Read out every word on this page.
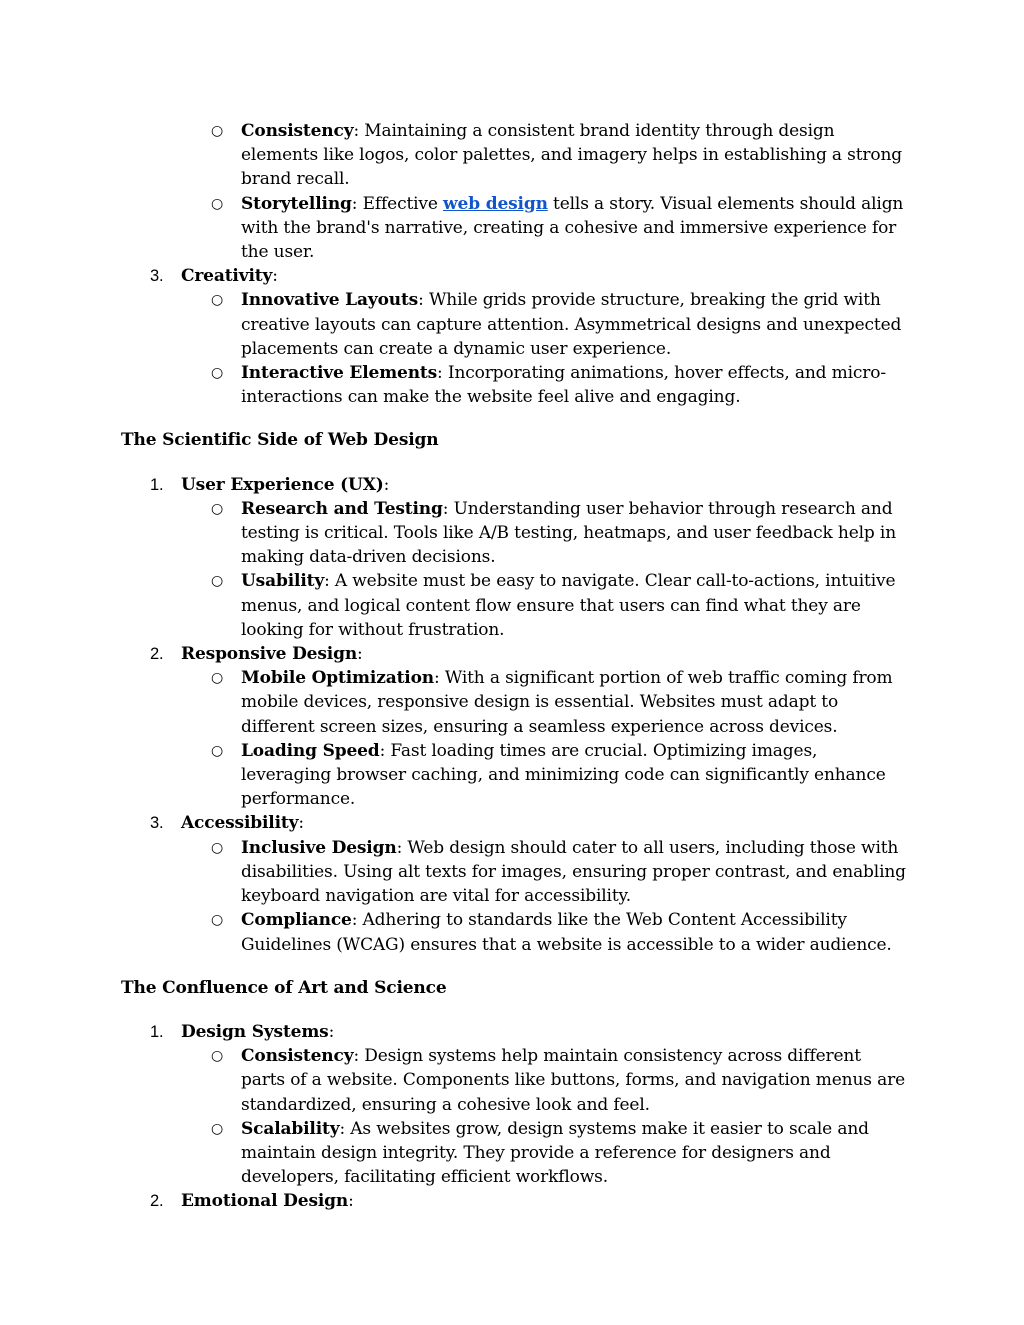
○ Consistency: Maintaining a consistent brand identity through design elements like logos, color palettes, and imagery helps in establishing a strong brand recall.
○ Storytelling: Effective web design tells a story. Visual elements should align with the brand's narrative, creating a cohesive and immersive experience for the user.
3. Creativity:
○ Innovative Layouts: While grids provide structure, breaking the grid with creative layouts can capture attention. Asymmetrical designs and unexpected placements can create a dynamic user experience.
○ Interactive Elements: Incorporating animations, hover effects, and micro-interactions can make the website feel alive and engaging.
The Scientific Side of Web Design
1. User Experience (UX):
○ Research and Testing: Understanding user behavior through research and testing is critical. Tools like A/B testing, heatmaps, and user feedback help in making data-driven decisions.
○ Usability: A website must be easy to navigate. Clear call-to-actions, intuitive menus, and logical content flow ensure that users can find what they are looking for without frustration.
2. Responsive Design:
○ Mobile Optimization: With a significant portion of web traffic coming from mobile devices, responsive design is essential. Websites must adapt to different screen sizes, ensuring a seamless experience across devices.
○ Loading Speed: Fast loading times are crucial. Optimizing images, leveraging browser caching, and minimizing code can significantly enhance performance.
3. Accessibility:
○ Inclusive Design: Web design should cater to all users, including those with disabilities. Using alt texts for images, ensuring proper contrast, and enabling keyboard navigation are vital for accessibility.
○ Compliance: Adhering to standards like the Web Content Accessibility Guidelines (WCAG) ensures that a website is accessible to a wider audience.
The Confluence of Art and Science
1. Design Systems:
○ Consistency: Design systems help maintain consistency across different parts of a website. Components like buttons, forms, and navigation menus are standardized, ensuring a cohesive look and feel.
○ Scalability: As websites grow, design systems make it easier to scale and maintain design integrity. They provide a reference for designers and developers, facilitating efficient workflows.
2. Emotional Design:
